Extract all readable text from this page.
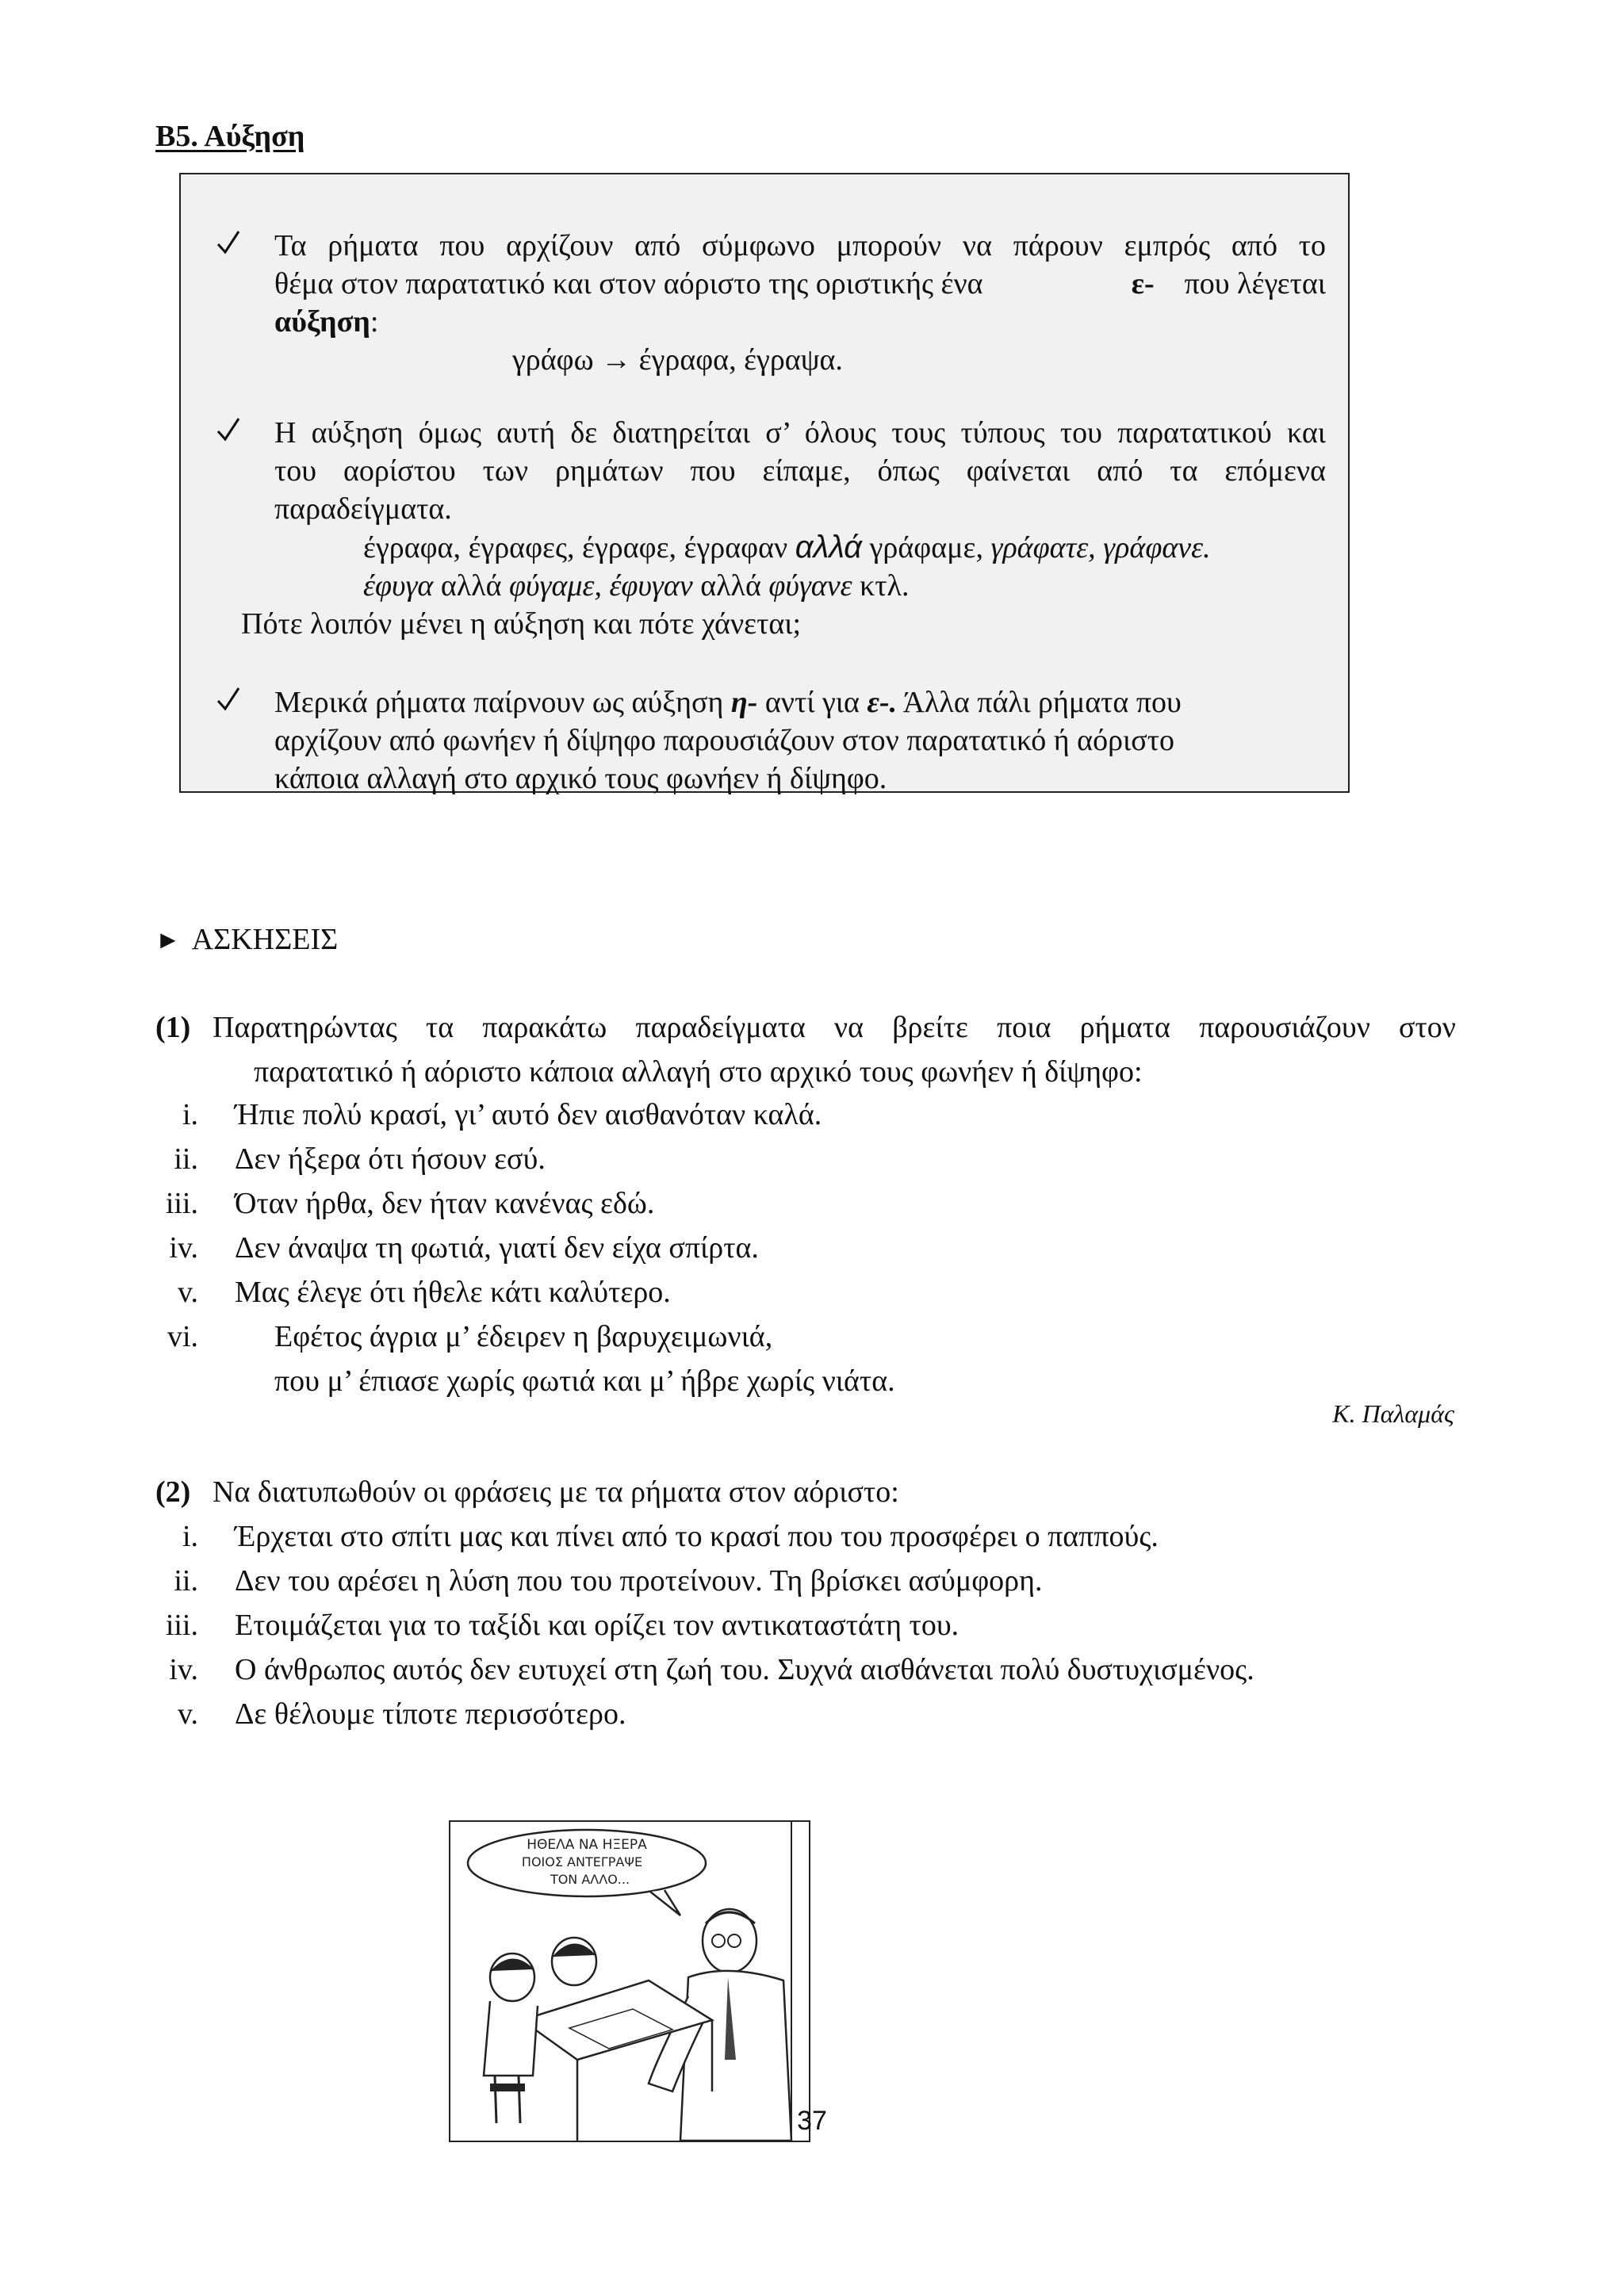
Β5. Αύξηση
Τα ρήματα που αρχίζουν από σύμφωνο μπορούν να πάρουν εμπρός από το
θέμα στον παρατατικό και στον αόριστο της οριστικής ένα	ε- που λέγεται
αύξηση:
γράφω → έγραφα, έγραψα.
Η αύξηση όμως αυτή δε διατηρείται σ’ όλους τους τύπους του παρατατικού και
του αορίστου των ρημάτων που είπαμε, όπως φαίνεται από τα επόμενα
παραδείγματα.
έγραφα, έγραφες, έγραφε, έγραφαν αλλά γράφαμε, γράφατε, γράφανε.
έφυγα αλλά φύγαμε, έφυγαν αλλά φύγανε κτλ.
Πότε λοιπόν μένει η αύξηση και πότε χάνεται;
Μερικά ρήματα παίρνουν ως αύξηση η- αντί για ε-. Άλλα πάλι ρήματα που
αρχίζουν από φωνήεν ή δίψηφο παρουσιάζουν στον παρατατικό ή αόριστο
κάποια αλλαγή στο αρχικό τους φωνήεν ή δίψηφο.
► ΑΣΚΗΣΕΙΣ
(1) Παρατηρώντας τα παρακάτω παραδείγματα να βρείτε ποια ρήματα παρουσιάζουν στον
παρατατικό ή αόριστο κάποια αλλαγή στο αρχικό τους φωνήεν ή δίψηφο:
i. Ήπιε πολύ κρασί, γι’ αυτό δεν αισθανόταν καλά.
ii. Δεν ήξερα ότι ήσουν εσύ.
iii. Όταν ήρθα, δεν ήταν κανένας εδώ.
iv. Δεν άναψα τη φωτιά, γιατί δεν είχα σπίρτα.
v. Μας έλεγε ότι ήθελε κάτι καλύτερο.
vi.	Εφέτος άγρια μ’ έδειρεν η βαρυχειμωνιά,
που μ’ έπιασε χωρίς φωτιά και μ’ ήβρε χωρίς νιάτα.
Κ. Παλαμάς
(2) Να διατυπωθούν οι φράσεις με τα ρήματα στον αόριστο:
i. Έρχεται στο σπίτι μας και πίνει από το κρασί που του προσφέρει ο παππούς.
ii. Δεν του αρέσει η λύση που του προτείνουν. Τη βρίσκει ασύμφορη.
iii. Ετοιμάζεται για το ταξίδι και ορίζει τον αντικαταστάτη του.
iv. Ο άνθρωπος αυτός δεν ευτυχεί στη ζωή του. Συχνά αισθάνεται πολύ δυστυχισμένος.
v. Δε θέλουμε τίποτε περισσότερο.
ΗΘΕΛΑ ΝΑ ΗΞΕΡΑ
ΠΟΙΟΣ ΑΝΤΕΓΡΑΨΕ
ΤΟΝ ΑΛΛΟ...
37
